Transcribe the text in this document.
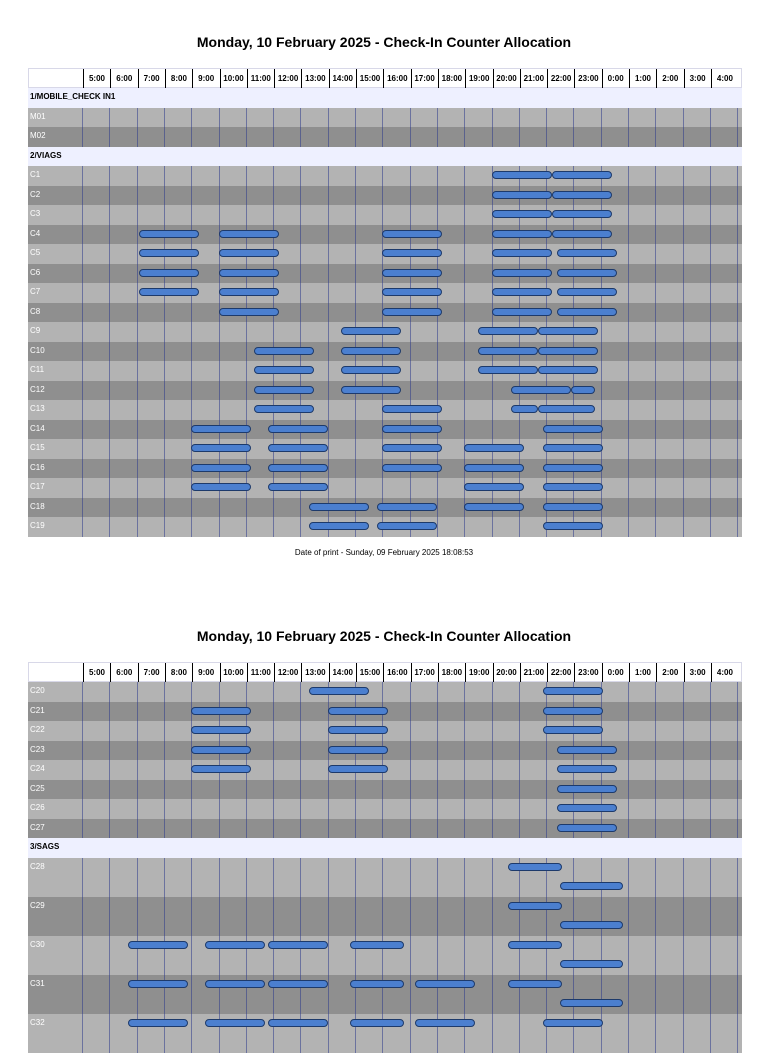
Monday, 10 February 2025 - Check-In Counter Allocation
5:00	6:00	7:00	8:00	9:00	10:00 11:00 12:00 13:00 14:00 15:00 16:00 17:00 18:00 19:00 20:00 21:00 22:00 23:00	0:00	1:00	2:00	3:00	4:00
1/MOBILE_CHECK IN1
M01
M02
2/VIAGS
C1
C2
C3
C4
C5
C6
C7
C8
C9
C10
C11
C12
C13
C14
C15
C16
C17
C18
C19
Date of print - Sunday, 09 February 2025 18:08:53
Monday, 10 February 2025 - Check-In Counter Allocation
5:00	6:00	7:00	8:00	9:00	10:00 11:00 12:00 13:00 14:00 15:00 16:00 17:00 18:00 19:00 20:00 21:00 22:00 23:00	0:00	1:00	2:00	3:00	4:00
C20
C21
C22
C23
C24
C25
C26
C27
3/SAGS
C28
C29
C30
C31
C32
